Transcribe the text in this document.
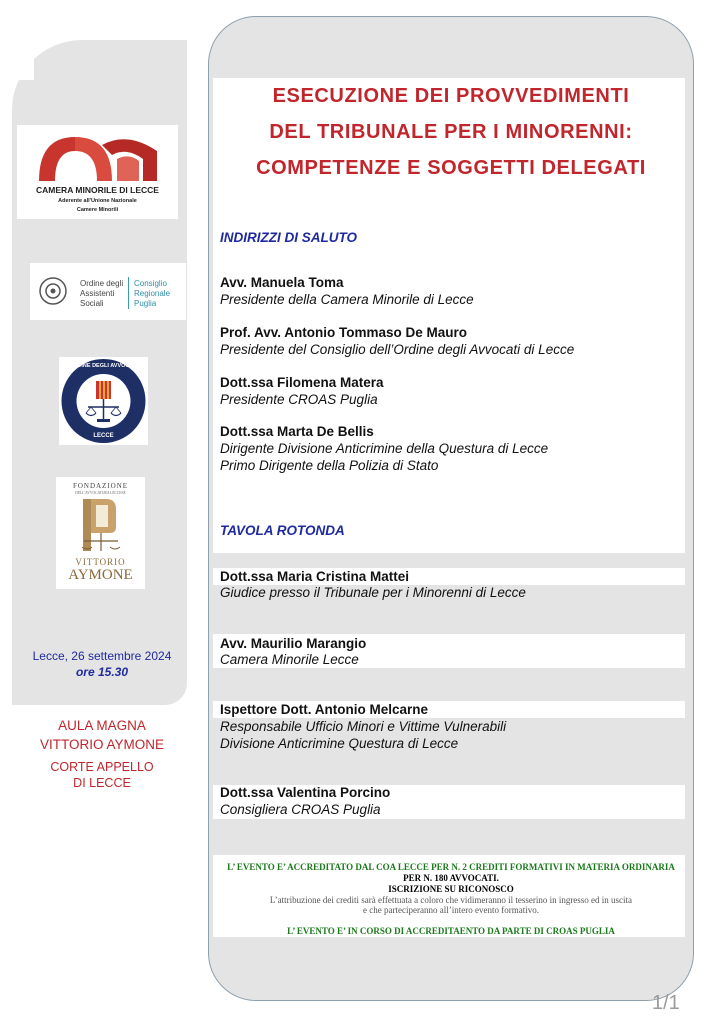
CAMERA MINORILE DI LECCE
Aderente all'Unione Nazionale
Camere Minorili
Ordine degli
Assistenti
Sociali
Consiglio
Regionale
Puglia
ORDINE DEGLI AVVOCATI
LECCE
FONDAZIONE
DELL'AVVOCATURA LECCESE
VITTORIO
AYMONE
Lecce, 26 settembre 2024
ore 15.30
AULA MAGNA
VITTORIO AYMONE
CORTE APPELLO
DI LECCE
ESECUZIONE DEI PROVVEDIMENTI
DEL TRIBUNALE PER I MINORENNI:
COMPETENZE E SOGGETTI DELEGATI
INDIRIZZI DI SALUTO
Avv. Manuela Toma
Presidente della Camera Minorile di Lecce
Prof. Avv. Antonio Tommaso De Mauro
Presidente del Consiglio dell’Ordine degli Avvocati di Lecce
Dott.ssa Filomena Matera
Presidente CROAS Puglia
Dott.ssa Marta De Bellis
Dirigente Divisione Anticrimine della Questura di Lecce
Primo Dirigente della Polizia di Stato
TAVOLA ROTONDA
Dott.ssa Maria Cristina Mattei
Giudice presso il Tribunale per i Minorenni di Lecce
Avv. Maurilio Marangio
Camera Minorile Lecce
Ispettore Dott. Antonio Melcarne
Responsabile Ufficio Minori e Vittime Vulnerabili
Divisione Anticrimine Questura di Lecce
Dott.ssa Valentina Porcino
Consigliera CROAS Puglia
L’ EVENTO E’ ACCREDITATO DAL COA LECCE PER N. 2 CREDITI FORMATIVI IN MATERIA ORDINARIA
PER N. 180 AVVOCATI.
ISCRIZIONE SU RICONOSCO
L’attribuzione dei crediti sarà effettuata a coloro che vidimeranno il tesserino in ingresso ed in uscita
e che parteciperanno all’intero evento formativo.
L’ EVENTO E’ IN CORSO DI ACCREDITAENTO DA PARTE DI CROAS PUGLIA
1/1
